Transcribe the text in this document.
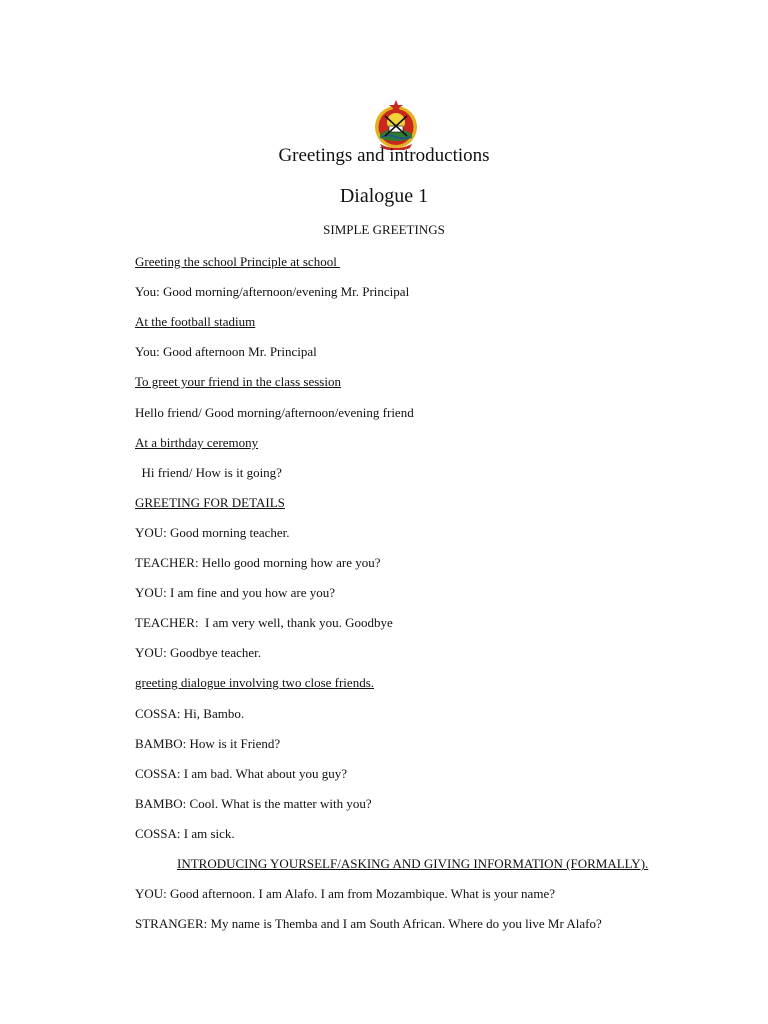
Greetings and introductions
Dialogue 1
SIMPLE GREETINGS
Greeting the school Principle at school
You: Good morning/afternoon/evening Mr. Principal
At the football stadium
You: Good afternoon Mr. Principal
To greet your friend in the class session
Hello friend/ Good morning/afternoon/evening friend
At a birthday ceremony
Hi friend/ How is it going?
GREETING FOR DETAILS
YOU: Good morning teacher.
TEACHER: Hello good morning how are you?
YOU: I am fine and you how are you?
TEACHER:  I am very well, thank you. Goodbye
YOU: Goodbye teacher.
greeting dialogue involving two close friends.
COSSA: Hi, Bambo.
BAMBO: How is it Friend?
COSSA: I am bad. What about you guy?
BAMBO: Cool. What is the matter with you?
COSSA: I am sick.
INTRODUCING YOURSELF/ASKING AND GIVING INFORMATION (FORMALLY).
YOU: Good afternoon. I am Alafo. I am from Mozambique. What is your name?
STRANGER: My name is Themba and I am South African. Where do you live Mr Alafo?
